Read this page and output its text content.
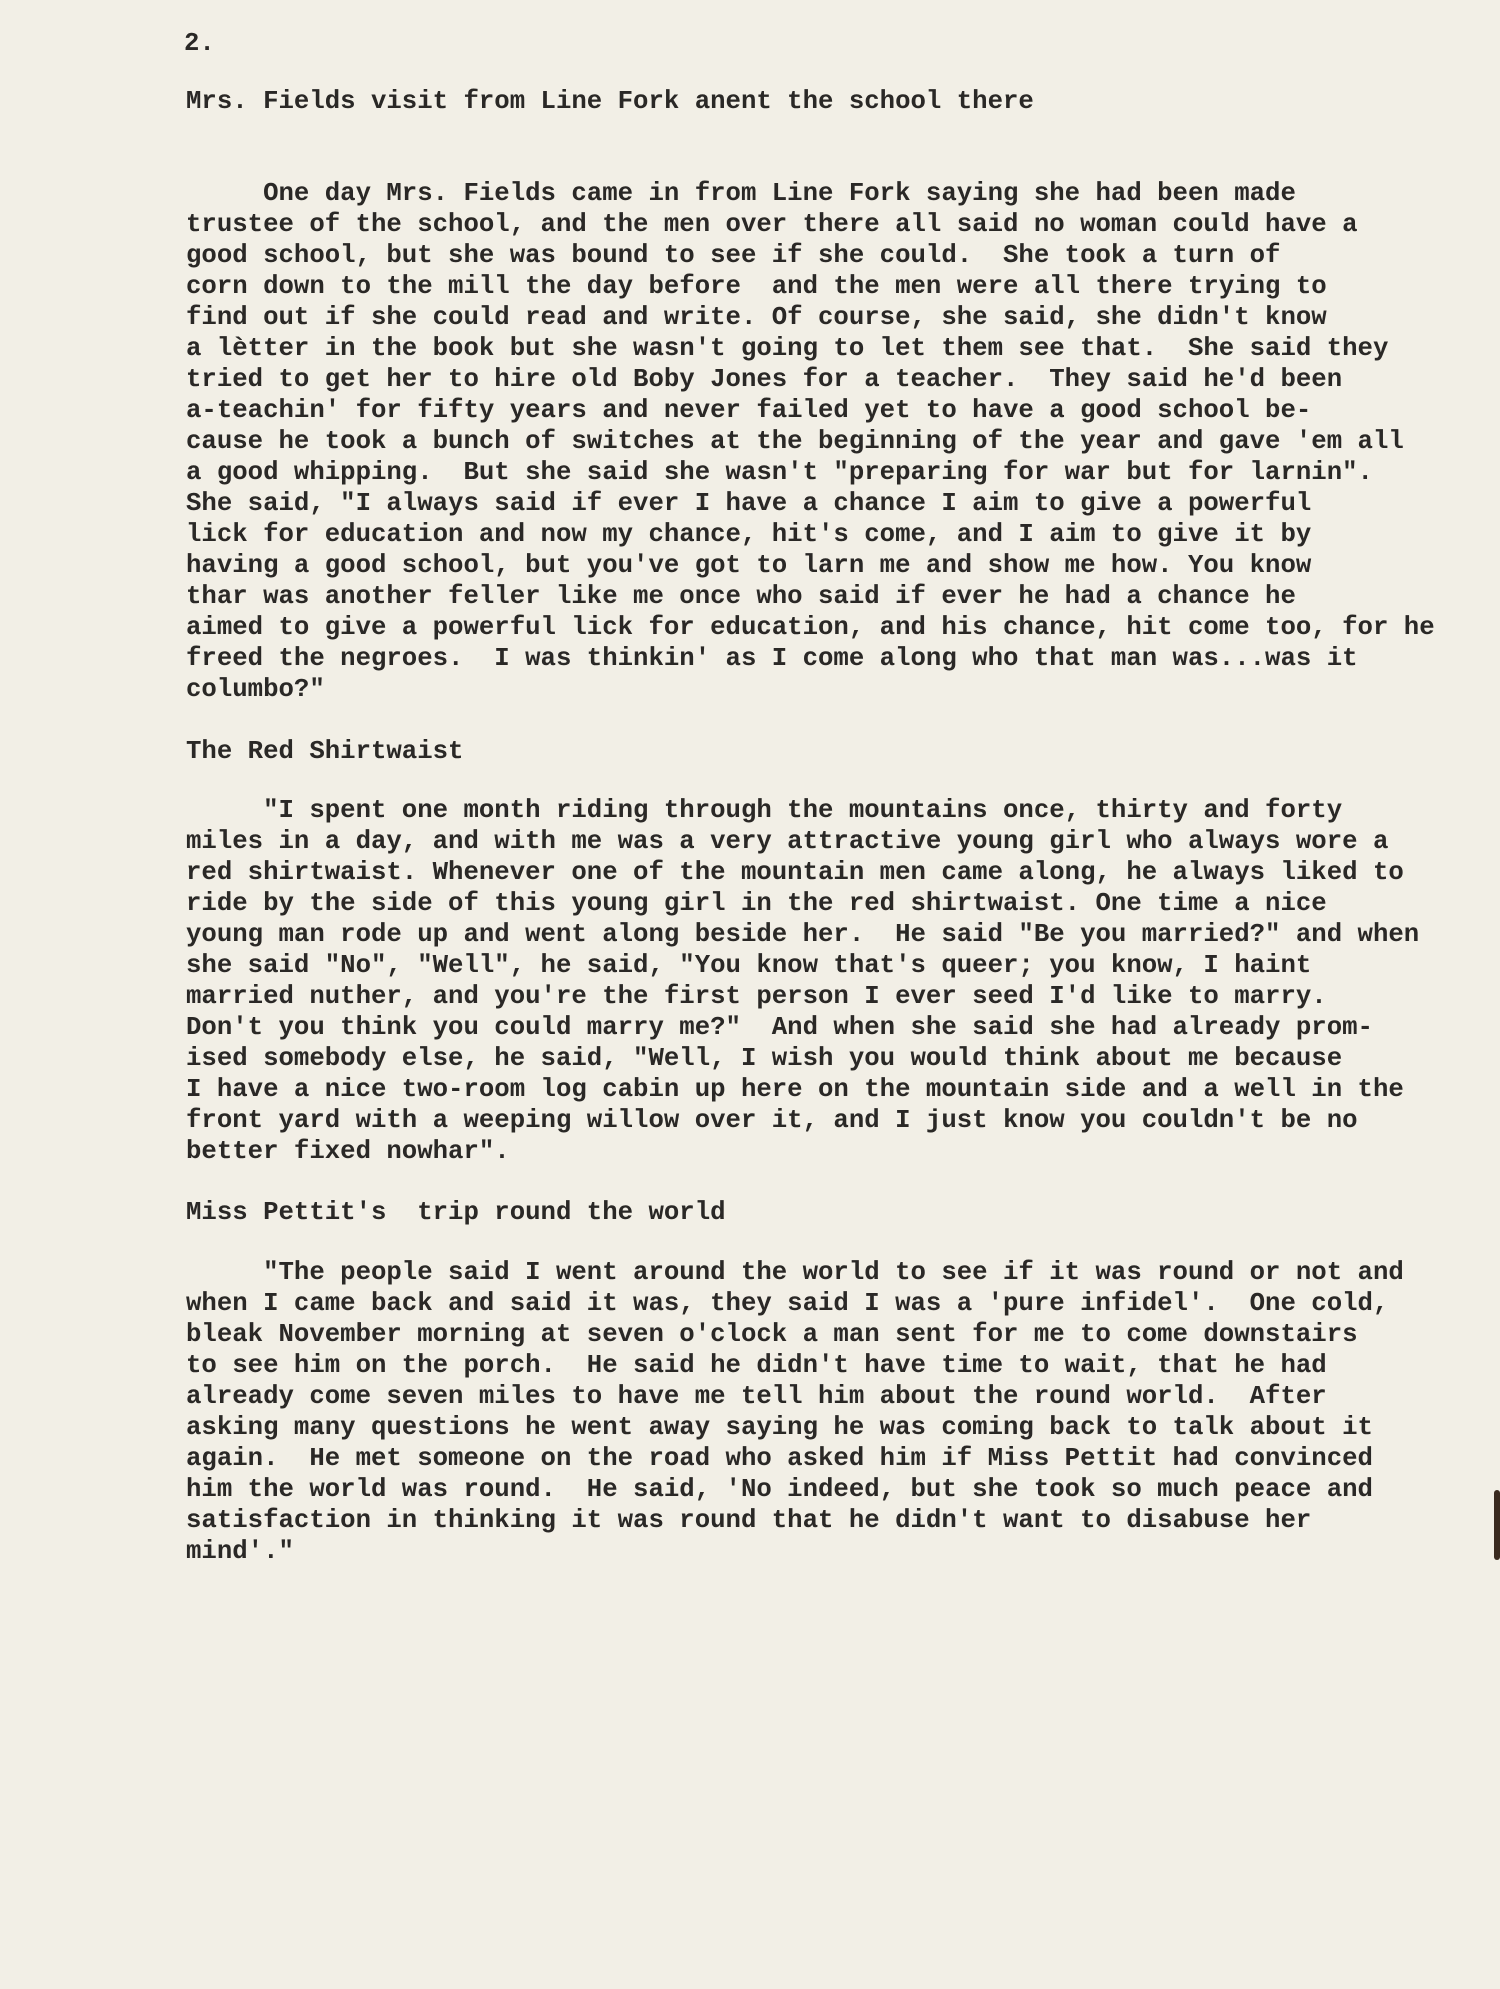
2.
Mrs. Fields visit from Line Fork anent the school there
One day Mrs. Fields came in from Line Fork saying she had been made
trustee of the school, and the men over there all said no woman could have a
good school, but she was bound to see if she could.  She took a turn of
corn down to the mill the day before  and the men were all there trying to
find out if she could read and write. Of course, she said, she didn't know
a lètter in the book but she wasn't going to let them see that.  She said they
tried to get her to hire old Boby Jones for a teacher.  They said he'd been
a-teachin' for fifty years and never failed yet to have a good school be-
cause he took a bunch of switches at the beginning of the year and gave 'em all
a good whipping.  But she said she wasn't "preparing for war but for larnin".
She said, "I always said if ever I have a chance I aim to give a powerful
lick for education and now my chance, hit's come, and I aim to give it by
having a good school, but you've got to larn me and show me how. You know
thar was another feller like me once who said if ever he had a chance he
aimed to give a powerful lick for education, and his chance, hit come too, for he
freed the negroes.  I was thinkin' as I come along who that man was...was it
columbo?"
The Red Shirtwaist
"I spent one month riding through the mountains once, thirty and forty
miles in a day, and with me was a very attractive young girl who always wore a
red shirtwaist. Whenever one of the mountain men came along, he always liked to
ride by the side of this young girl in the red shirtwaist. One time a nice
young man rode up and went along beside her.  He said "Be you married?" and when
she said "No", "Well", he said, "You know that's queer; you know, I haint
married nuther, and you're the first person I ever seed I'd like to marry.
Don't you think you could marry me?"  And when she said she had already prom-
ised somebody else, he said, "Well, I wish you would think about me because
I have a nice two-room log cabin up here on the mountain side and a well in the
front yard with a weeping willow over it, and I just know you couldn't be no
better fixed nowhar".
Miss Pettit's  trip round the world
"The people said I went around the world to see if it was round or not and
when I came back and said it was, they said I was a 'pure infidel'.  One cold,
bleak November morning at seven o'clock a man sent for me to come downstairs
to see him on the porch.  He said he didn't have time to wait, that he had
already come seven miles to have me tell him about the round world.  After
asking many questions he went away saying he was coming back to talk about it
again.  He met someone on the road who asked him if Miss Pettit had convinced
him the world was round.  He said, 'No indeed, but she took so much peace and
satisfaction in thinking it was round that he didn't want to disabuse her
mind'."
